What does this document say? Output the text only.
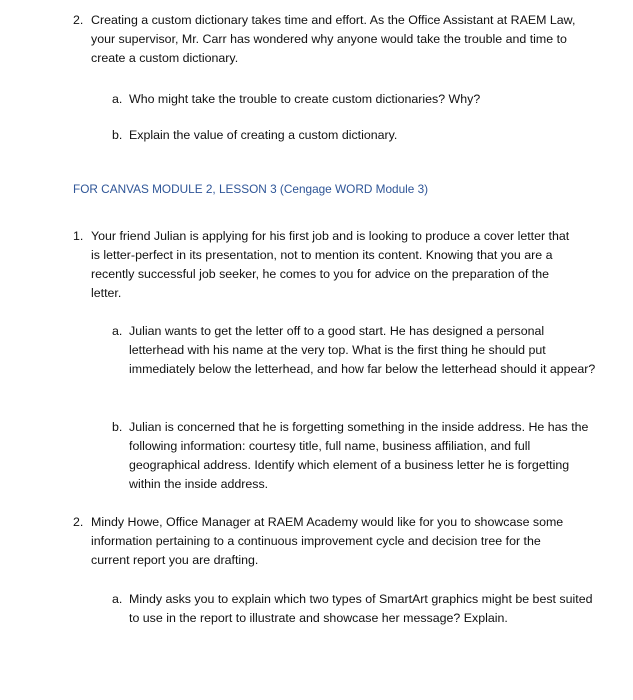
2. Creating a custom dictionary takes time and effort. As the Office Assistant at RAEM Law, your supervisor, Mr. Carr has wondered why anyone would take the trouble and time to create a custom dictionary.
a. Who might take the trouble to create custom dictionaries? Why?
b. Explain the value of creating a custom dictionary.
FOR CANVAS MODULE 2, LESSON 3 (Cengage WORD Module 3)
1. Your friend Julian is applying for his first job and is looking to produce a cover letter that is letter-perfect in its presentation, not to mention its content. Knowing that you are a recently successful job seeker, he comes to you for advice on the preparation of the letter.
a. Julian wants to get the letter off to a good start. He has designed a personal letterhead with his name at the very top. What is the first thing he should put immediately below the letterhead, and how far below the letterhead should it appear?
b. Julian is concerned that he is forgetting something in the inside address. He has the following information: courtesy title, full name, business affiliation, and full geographical address. Identify which element of a business letter he is forgetting within the inside address.
2. Mindy Howe, Office Manager at RAEM Academy would like for you to showcase some information pertaining to a continuous improvement cycle and decision tree for the current report you are drafting.
a. Mindy asks you to explain which two types of SmartArt graphics might be best suited to use in the report to illustrate and showcase her message? Explain.
